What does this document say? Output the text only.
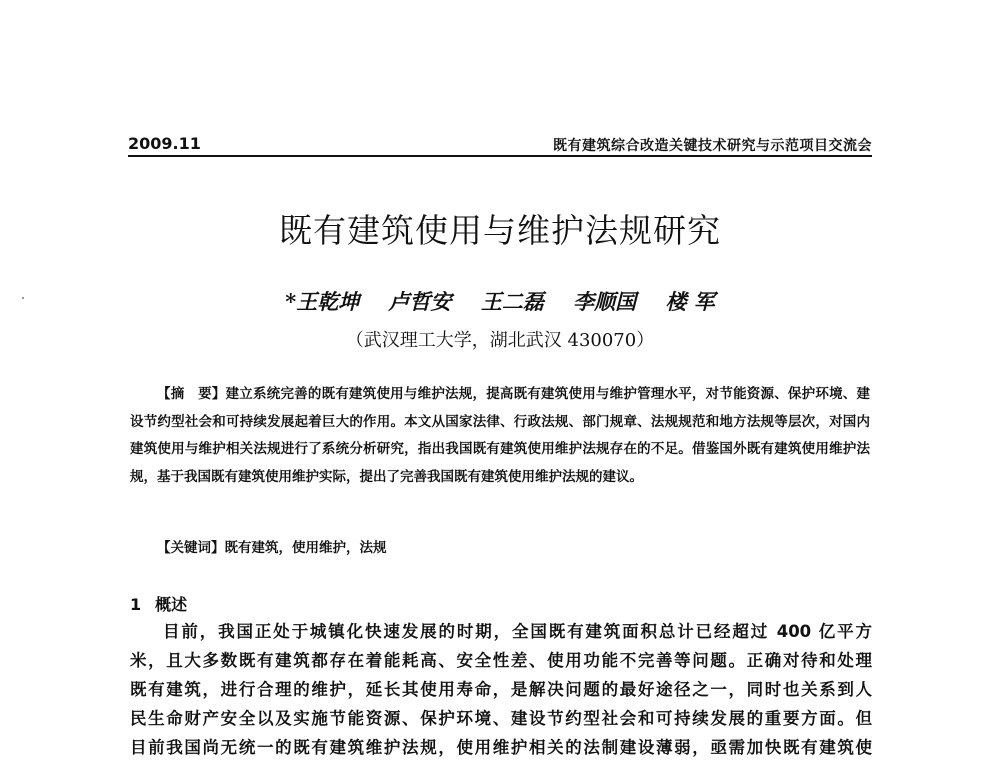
2009.11	既有建筑综合改造关键技术研究与示范项目交流会
既有建筑使用与维护法规研究
*王乾坤 卢哲安 王二磊 李顺国 楼 军
（武汉理工大学，湖北武汉 430070）
【摘　要】建立系统完善的既有建筑使用与维护法规，提高既有建筑使用与维护管理水平，对节能资源、保护环境、建设节约型社会和可持续发展起着巨大的作用。本文从国家法律、行政法规、部门规章、法规规范和地方法规等层次，对国内建筑使用与维护相关法规进行了系统分析研究，指出我国既有建筑使用维护法规存在的不足。借鉴国外既有建筑使用维护法规，基于我国既有建筑使用维护实际，提出了完善我国既有建筑使用维护法规的建议。
【关键词】既有建筑，使用维护，法规
1 概述
目前，我国正处于城镇化快速发展的时期，全国既有建筑面积总计已经超过 400 亿平方
米，且大多数既有建筑都存在着能耗高、安全性差、使用功能不完善等问题。正确对待和处理
既有建筑，进行合理的维护，延长其使用寿命，是解决问题的最好途径之一，同时也关系到人
民生命财产安全以及实施节能资源、保护环境、建设节约型社会和可持续发展的重要方面。但
目前我国尚无统一的既有建筑维护法规，使用维护相关的法制建设薄弱，亟需加快既有建筑使
